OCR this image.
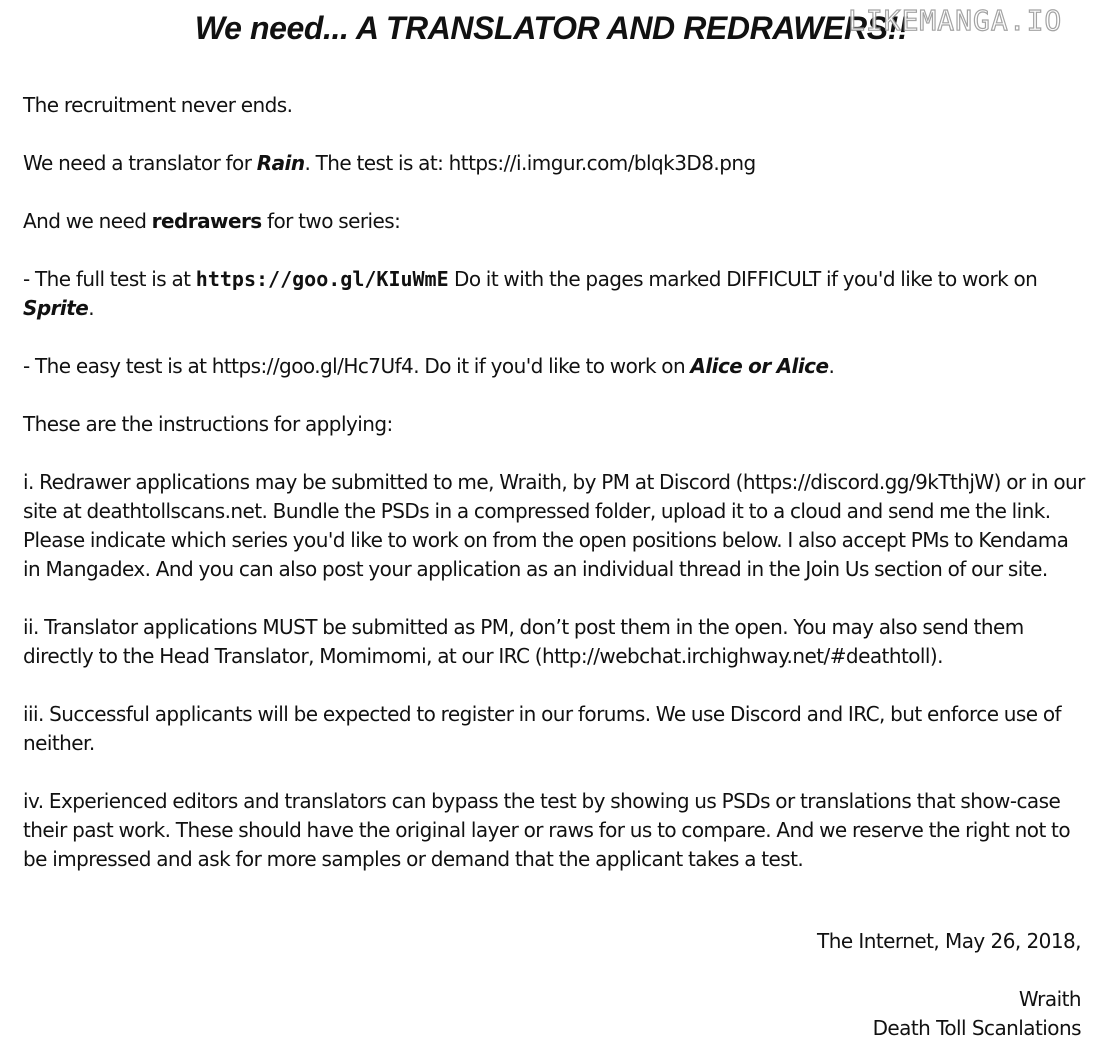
We need... A TRANSLATOR AND REDRAWERS!!
LIKEMANGA.IO

The recruitment never ends.

We need a translator for Rain. The test is at: https://i.imgur.com/blqk3D8.png

And we need redrawers for two series:

- The full test is at https://goo.gl/KIuWmE Do it with the pages marked DIFFICULT if you'd like to work on Sprite.

- The easy test is at https://goo.gl/Hc7Uf4. Do it if you'd like to work on Alice or Alice.

These are the instructions for applying:

i. Redrawer applications may be submitted to me, Wraith, by PM at Discord (https://discord.gg/9kTthjW) or in our site at deathtollscans.net. Bundle the PSDs in a compressed folder, upload it to a cloud and send me the link. Please indicate which series you'd like to work on from the open positions below. I also accept PMs to Kendama in Mangadex. And you can also post your application as an individual thread in the Join Us section of our site.

ii. Translator applications MUST be submitted as PM, don’t post them in the open. You may also send them directly to the Head Translator, Momimomi, at our IRC (http://webchat.irchighway.net/#deathtoll).

iii. Successful applicants will be expected to register in our forums. We use Discord and IRC, but enforce use of neither.

iv. Experienced editors and translators can bypass the test by showing us PSDs or translations that show-case their past work. These should have the original layer or raws for us to compare. And we reserve the right not to be impressed and ask for more samples or demand that the applicant takes a test.

The Internet, May 26, 2018,
Wraith
Death Toll Scanlations
